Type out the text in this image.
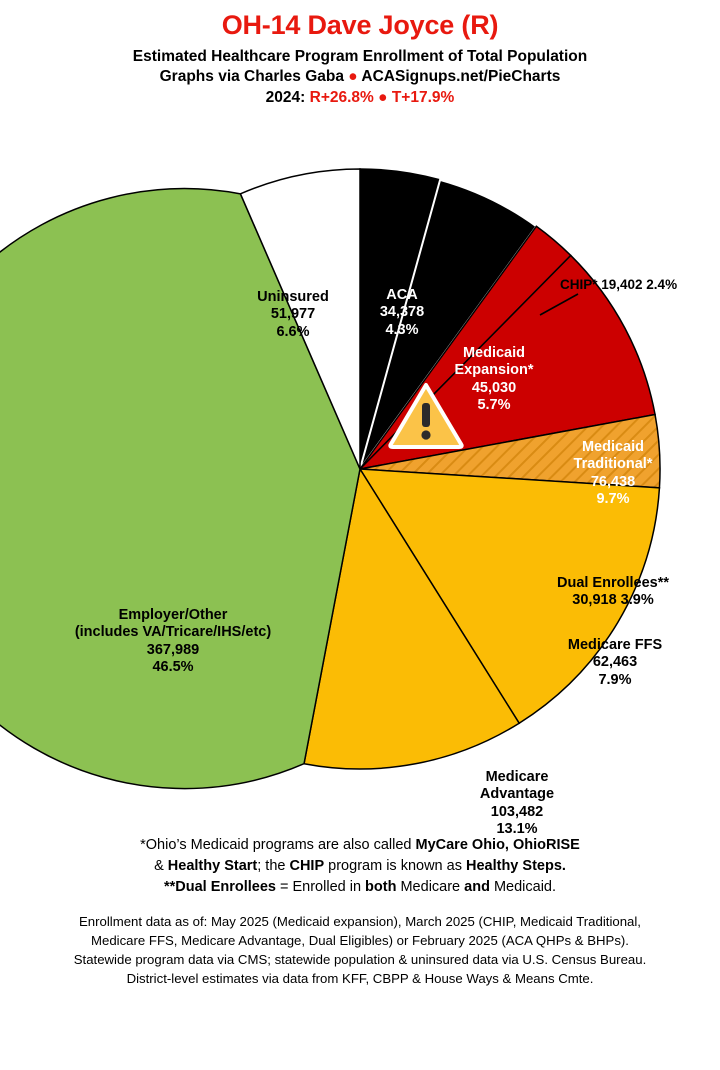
OH-14 Dave Joyce (R)
Estimated Healthcare Program Enrollment of Total Population
Graphs via Charles Gaba ● ACASignups.net/PieCharts
2024: R+26.8% ● T+17.9%
ACA
34,378
4.3%
Medicaid
Expansion*
45,030
5.7%
CHIP* 19,402 2.4%
Medicaid
Traditional*
76,438
9.7%
Dual Enrollees**
30,918 3.9%
Medicare FFS
62,463
7.9%
Medicare
Advantage
103,482
13.1%
Employer/Other
(includes VA/Tricare/IHS/etc)
367,989
46.5%
Uninsured
51,977
6.6%
*Ohio’s Medicaid programs are also called MyCare Ohio, OhioRISE
& Healthy Start; the CHIP program is known as Healthy Steps.
**Dual Enrollees = Enrolled in both Medicare and Medicaid.
Enrollment data as of: May 2025 (Medicaid expansion), March 2025 (CHIP, Medicaid Traditional,
Medicare FFS, Medicare Advantage, Dual Eligibles) or February 2025 (ACA QHPs & BHPs).
Statewide program data via CMS; statewide population & uninsured data via U.S. Census Bureau.
District-level estimates via data from KFF, CBPP & House Ways & Means Cmte.
